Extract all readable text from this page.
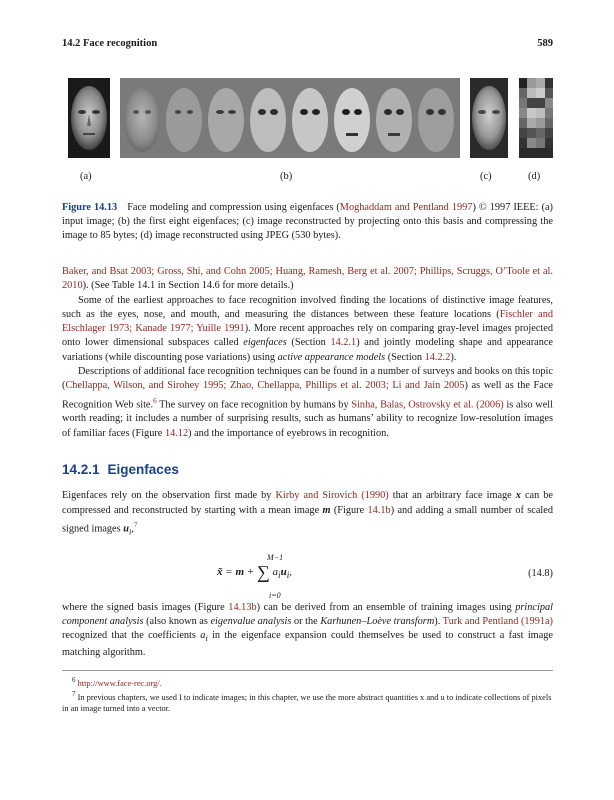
14.2 Face recognition	589
(a)	(b)	(c)	(d)
Figure 14.13 Face modeling and compression using eigenfaces (Moghaddam and Pentland 1997) © 1997 IEEE: (a) input image; (b) the first eight eigenfaces; (c) image reconstructed by projecting onto this basis and compressing the image to 85 bytes; (d) image reconstructed using JPEG (530 bytes).

Baker, and Bsat 2003; Gross, Shi, and Cohn 2005; Huang, Ramesh, Berg et al. 2007; Phillips, Scruggs, O’Toole et al. 2010). (See Table 14.1 in Section 14.6 for more details.)

Some of the earliest approaches to face recognition involved finding the locations of distinctive image features, such as the eyes, nose, and mouth, and measuring the distances between these feature locations (Fischler and Elschlager 1973; Kanade 1977; Yuille 1991). More recent approaches rely on comparing gray-level images projected onto lower dimensional subspaces called eigenfaces (Section 14.2.1) and jointly modeling shape and appearance variations (while discounting pose variations) using active appearance models (Section 14.2.2).

Descriptions of additional face recognition techniques can be found in a number of surveys and books on this topic (Chellappa, Wilson, and Sirohey 1995; Zhao, Chellappa, Phillips et al. 2003; Li and Jain 2005) as well as the Face Recognition Web site.$^6$ The survey on face recognition by humans by Sinha, Balas, Ostrovsky et al. (2006) is also well worth reading; it includes a number of surprising results, such as humans’ ability to recognize low-resolution images of familiar faces (Figure 14.12) and the importance of eyebrows in recognition.

14.2.1 Eigenfaces

Eigenfaces rely on the observation first made by Kirby and Sirovich (1990) that an arbitrary face image x can be compressed and reconstructed by starting with a mean image m (Figure 14.1b) and adding a small number of scaled signed images $u_i,^7$

M−1
x̃ = m + ∑ $a_iu_i$,
i=0
(14.8)

where the signed basis images (Figure 14.13b) can be derived from an ensemble of training images using principal component analysis (also known as eigenvalue analysis or the Karhunen–Loève transform). Turk and Pentland (1991a) recognized that the coefficients $a_i$ in the eigenface expansion could themselves be used to construct a fast image matching algorithm.

$^6$ http://www.face-rec.org/.

$^7$ In previous chapters, we used I to indicate images; in this chapter, we use the more abstract quantities x and u to indicate collections of pixels in an image turned into a vector.
